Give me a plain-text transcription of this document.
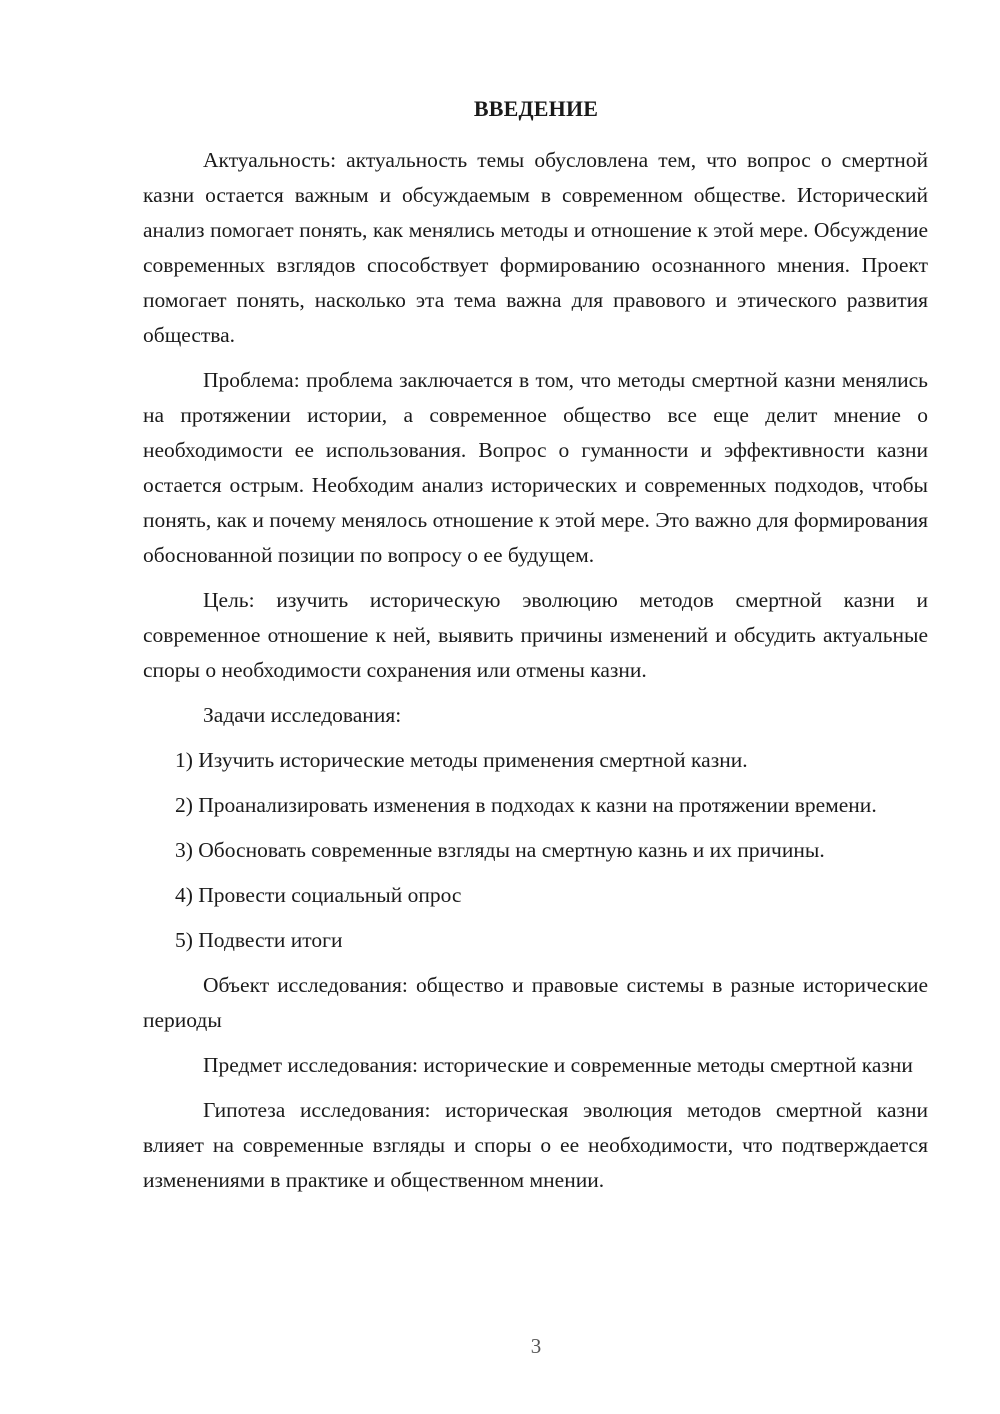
ВВЕДЕНИЕ

Актуальность: актуальность темы обусловлена тем, что вопрос о смертной казни остается важным и обсуждаемым в современном обществе. Исторический анализ помогает понять, как менялись методы и отношение к этой мере. Обсуждение современных взглядов способствует формированию осознанного мнения. Проект помогает понять, насколько эта тема важна для правового и этического развития общества.

Проблема: проблема заключается в том, что методы смертной казни менялись на протяжении истории, а современное общество все еще делит мнение о необходимости ее использования. Вопрос о гуманности и эффективности казни остается острым. Необходим анализ исторических и современных подходов, чтобы понять, как и почему менялось отношение к этой мере. Это важно для формирования обоснованной позиции по вопросу о ее будущем.

Цель: изучить историческую эволюцию методов смертной казни и современное отношение к ней, выявить причины изменений и обсудить актуальные споры о необходимости сохранения или отмены казни.

Задачи исследования:

1) Изучить исторические методы применения смертной казни.

2) Проанализировать изменения в подходах к казни на протяжении времени.

3) Обосновать современные взгляды на смертную казнь и их причины.

4) Провести социальный опрос

5) Подвести итоги

Объект исследования: общество и правовые системы в разные исторические периоды

Предмет исследования: исторические и современные методы смертной казни

Гипотеза исследования: историческая эволюция методов смертной казни влияет на современные взгляды и споры о ее необходимости, что подтверждается изменениями в практике и общественном мнении.

3
